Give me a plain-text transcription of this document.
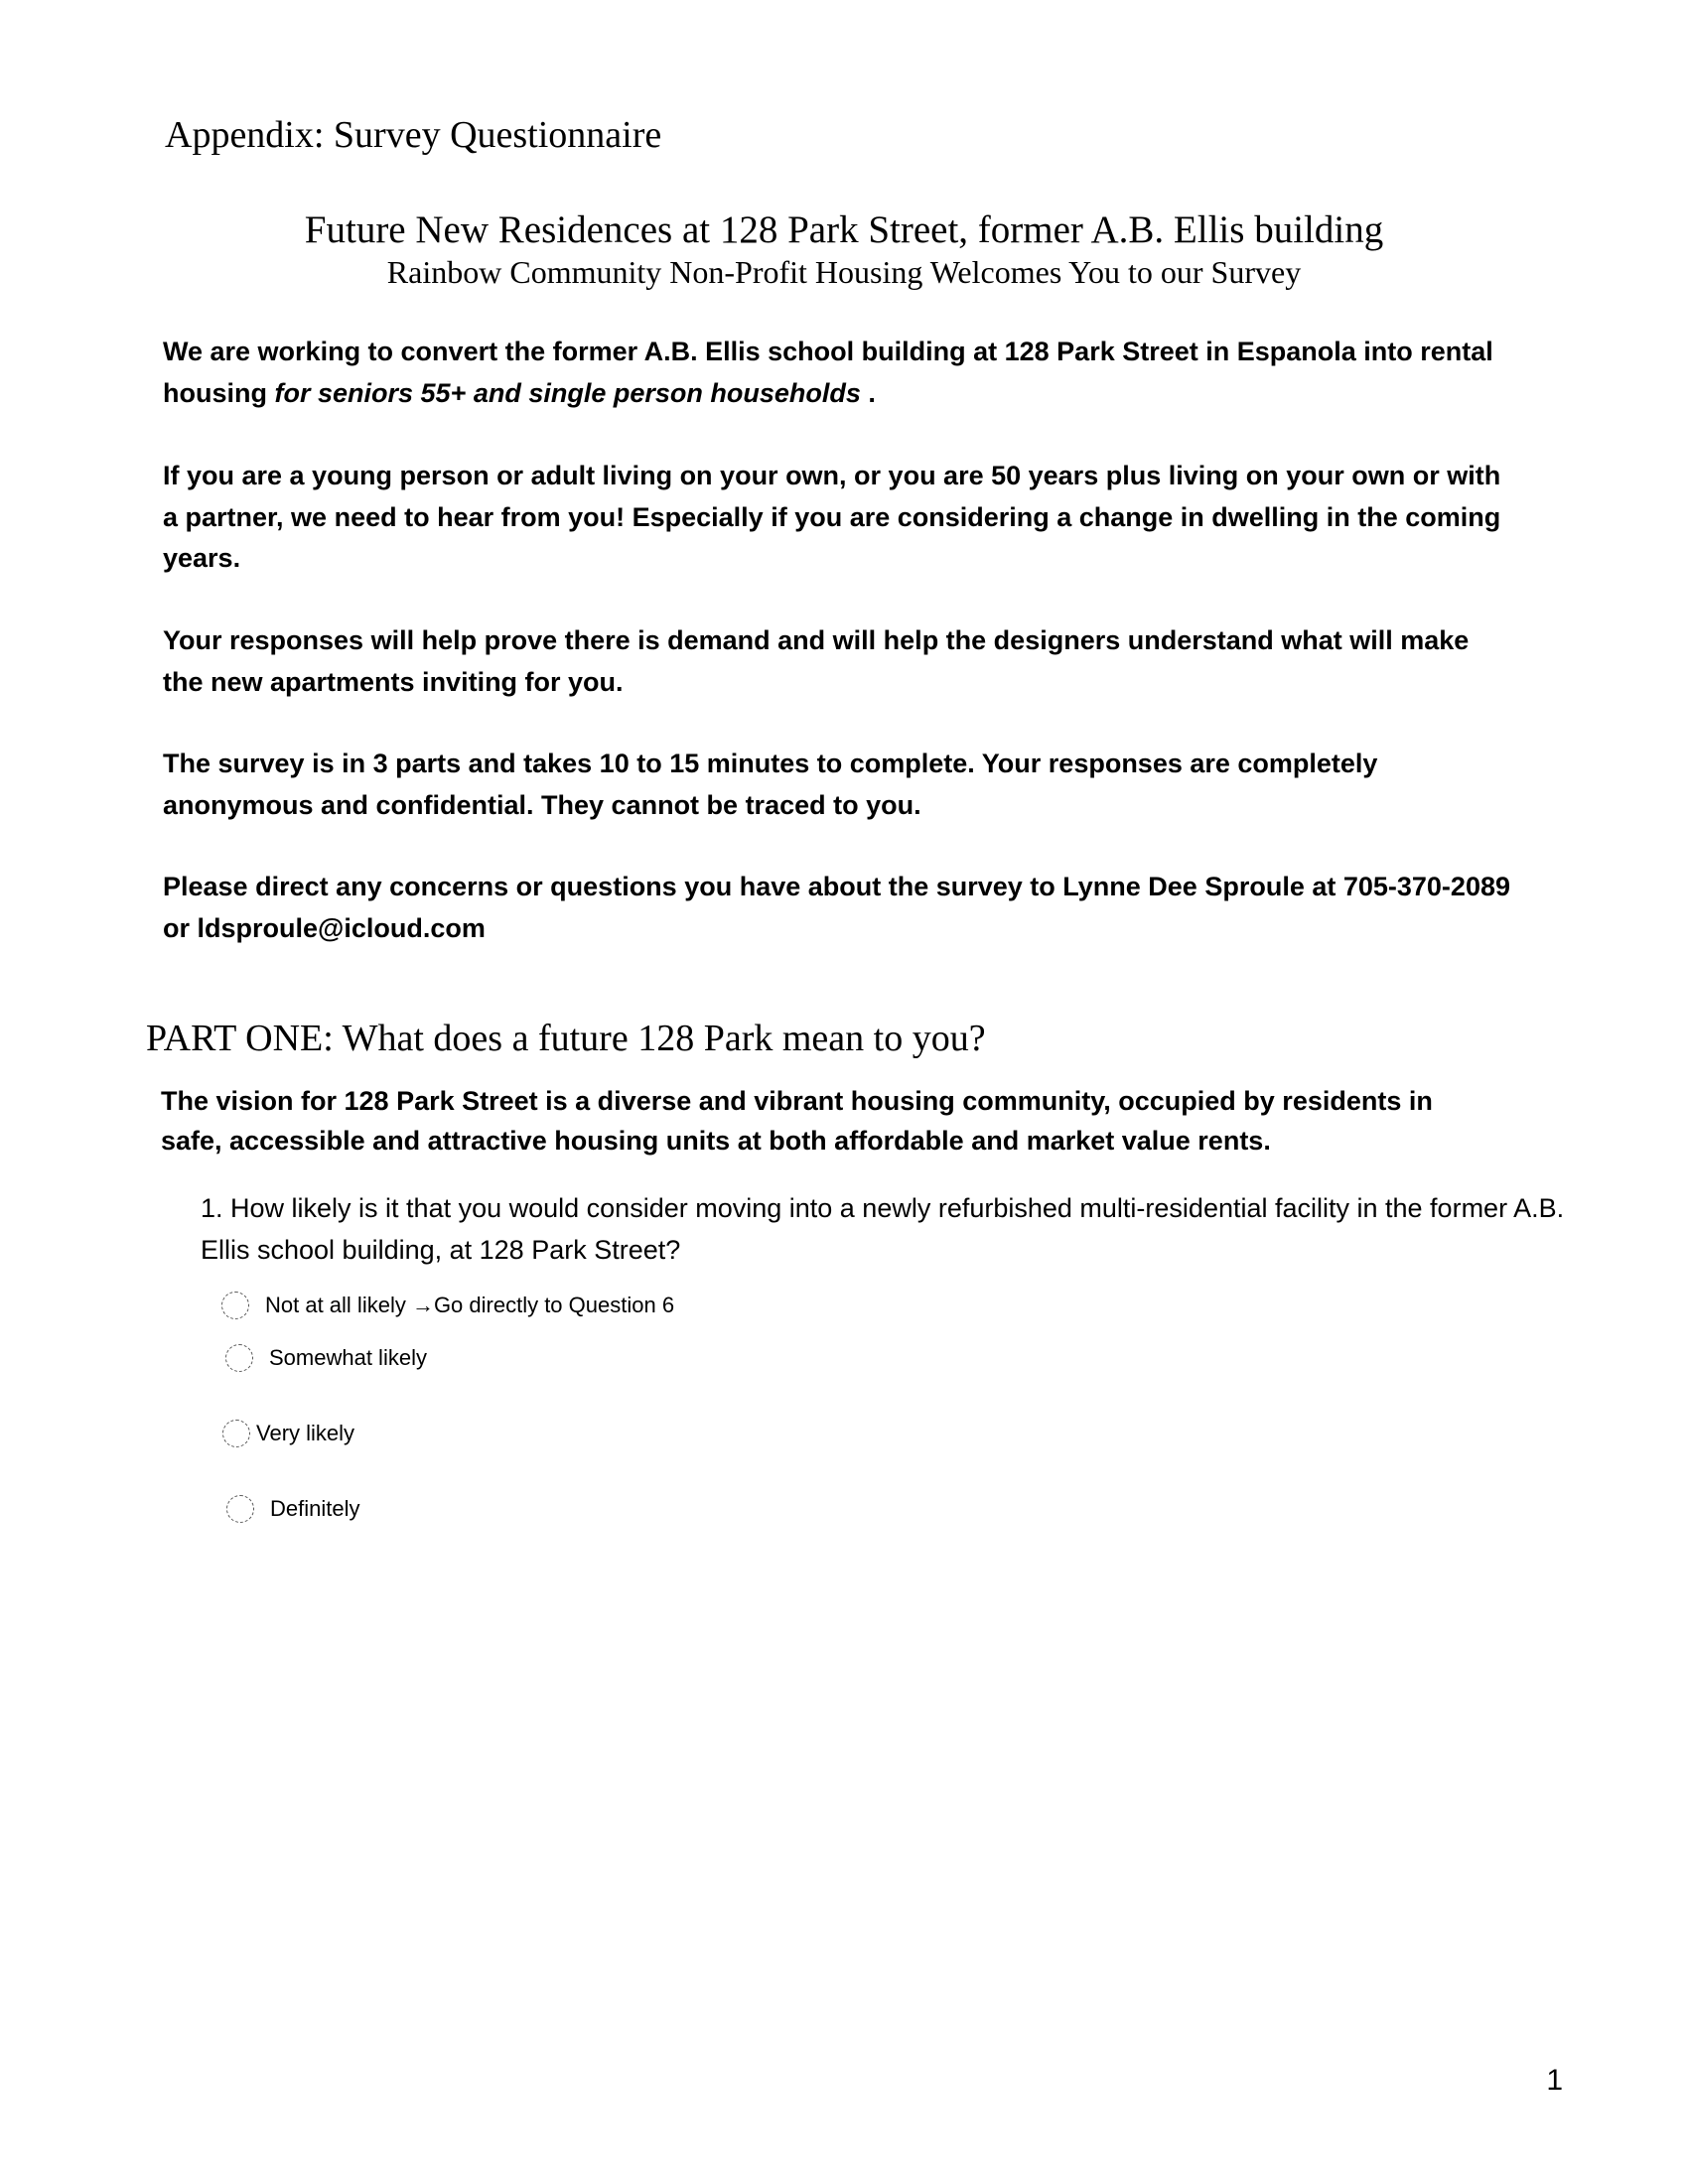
Appendix: Survey Questionnaire
Future New Residences at 128 Park Street, former A.B. Ellis building
Rainbow Community Non-Profit Housing Welcomes You to our Survey
We are working to convert the former A.B. Ellis school building at 128 Park Street in Espanola into rental housing for seniors 55+ and single person households .
If you are a young person or adult living on your own, or you are 50 years plus living on your own or with a partner, we need to hear from you! Especially if you are considering a change in dwelling in the coming years.
Your responses will help prove there is demand and will help the designers understand what will make the new apartments inviting for you.
The survey is in 3 parts and takes 10 to 15 minutes to complete. Your responses are completely anonymous and confidential. They cannot be traced to you.
Please direct any concerns or questions you have about the survey to Lynne Dee Sproule at 705-370-2089 or ldsproule@icloud.com
PART ONE: What does a future 128 Park mean to you?
The vision for 128 Park Street is a diverse and vibrant housing community, occupied by residents in safe, accessible and attractive housing units at both affordable and market value rents.
1. How likely is it that you would consider moving into a newly refurbished multi-residential facility in the former A.B. Ellis school building, at 128 Park Street?
Not at all likely →Go directly to Question 6
Somewhat likely
Very likely
Definitely
1
